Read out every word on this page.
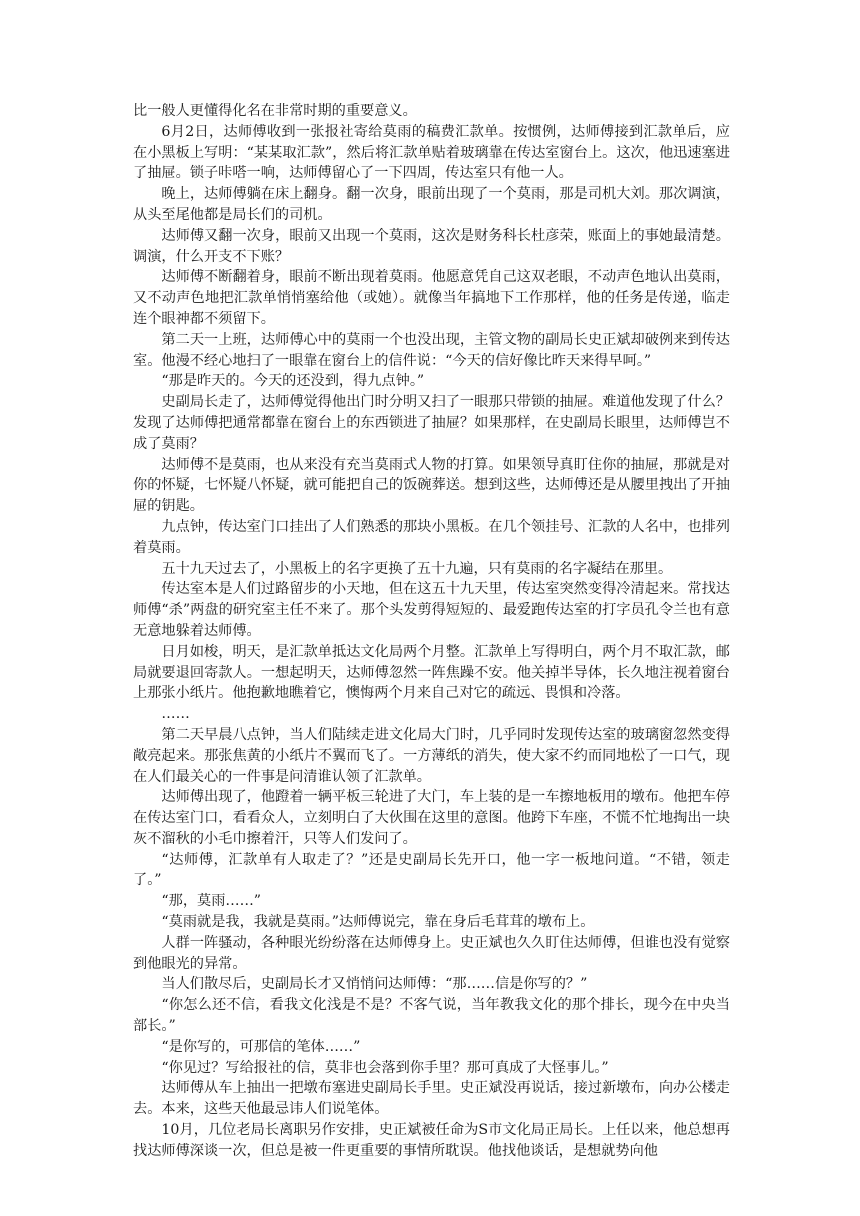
比一般人更懂得化名在非常时期的重要意义。

6月2日，达师傅收到一张报社寄给莫雨的稿费汇款单。按惯例，达师傅接到汇款单后，应在小黑板上写明：“某某取汇款”，然后将汇款单贴着玻璃靠在传达室窗台上。这次，他迅速塞进了抽屉。锁子咔嗒一响，达师傅留心了一下四周，传达室只有他一人。

晚上，达师傅躺在床上翻身。翻一次身，眼前出现了一个莫雨，那是司机大刘。那次调演，从头至尾他都是局长们的司机。

达师傅又翻一次身，眼前又出现一个莫雨，这次是财务科长杜彦荣，账面上的事她最清楚。调演，什么开支不下账？

达师傅不断翻着身，眼前不断出现着莫雨。他愿意凭自己这双老眼，不动声色地认出莫雨，又不动声色地把汇款单悄悄塞给他（或她）。就像当年搞地下工作那样，他的任务是传递，临走连个眼神都不须留下。

第二天一上班，达师傅心中的莫雨一个也没出现，主管文物的副局长史正斌却破例来到传达室。他漫不经心地扫了一眼靠在窗台上的信件说：“今天的信好像比昨天来得早呵。”

“那是昨天的。今天的还没到，得九点钟。”

史副局长走了，达师傅觉得他出门时分明又扫了一眼那只带锁的抽屉。难道他发现了什么？发现了达师傅把通常都靠在窗台上的东西锁进了抽屉？如果那样，在史副局长眼里，达师傅岂不成了莫雨？

达师傅不是莫雨，也从来没有充当莫雨式人物的打算。如果领导真盯住你的抽屉，那就是对你的怀疑，七怀疑八怀疑，就可能把自己的饭碗葬送。想到这些，达师傅还是从腰里拽出了开抽屉的钥匙。

九点钟，传达室门口挂出了人们熟悉的那块小黑板。在几个领挂号、汇款的人名中，也排列着莫雨。

五十九天过去了，小黑板上的名字更换了五十九遍，只有莫雨的名字凝结在那里。

传达室本是人们过路留步的小天地，但在这五十九天里，传达室突然变得冷清起来。常找达师傅“杀”两盘的研究室主任不来了。那个头发剪得短短的、最爱跑传达室的打字员孔令兰也有意无意地躲着达师傅。

日月如梭，明天，是汇款单抵达文化局两个月整。汇款单上写得明白，两个月不取汇款，邮局就要退回寄款人。一想起明天，达师傅忽然一阵焦躁不安。他关掉半导体，长久地注视着窗台上那张小纸片。他抱歉地瞧着它，懊悔两个月来自己对它的疏远、畏惧和冷落。

……

第二天早晨八点钟，当人们陆续走进文化局大门时，几乎同时发现传达室的玻璃窗忽然变得敞亮起来。那张焦黄的小纸片不翼而飞了。一方薄纸的消失，使大家不约而同地松了一口气，现在人们最关心的一件事是问清谁认领了汇款单。

达师傅出现了，他蹬着一辆平板三轮进了大门，车上装的是一车擦地板用的墩布。他把车停在传达室门口，看看众人，立刻明白了大伙围在这里的意图。他跨下车座，不慌不忙地掏出一块灰不溜秋的小毛巾擦着汗，只等人们发问了。

“达师傅，汇款单有人取走了？”还是史副局长先开口，他一字一板地问道。“不错，领走了。”

“那，莫雨……”

“莫雨就是我，我就是莫雨。”达师傅说完，靠在身后毛茸茸的墩布上。

人群一阵骚动，各种眼光纷纷落在达师傅身上。史正斌也久久盯住达师傅，但谁也没有觉察到他眼光的异常。

当人们散尽后，史副局长才又悄悄问达师傅：“那……信是你写的？”

“你怎么还不信，看我文化浅是不是？不客气说，当年教我文化的那个排长，现今在中央当部长。”

“是你写的，可那信的笔体……”

“你见过？写给报社的信，莫非也会落到你手里？那可真成了大怪事儿。”

达师傅从车上抽出一把墩布塞进史副局长手里。史正斌没再说话，接过新墩布，向办公楼走去。本来，这些天他最忌讳人们说笔体。

10月，几位老局长离职另作安排，史正斌被任命为S市文化局正局长。上任以来，他总想再找达师傅深谈一次，但总是被一件更重要的事情所耽误。他找他谈话，是想就势向他
